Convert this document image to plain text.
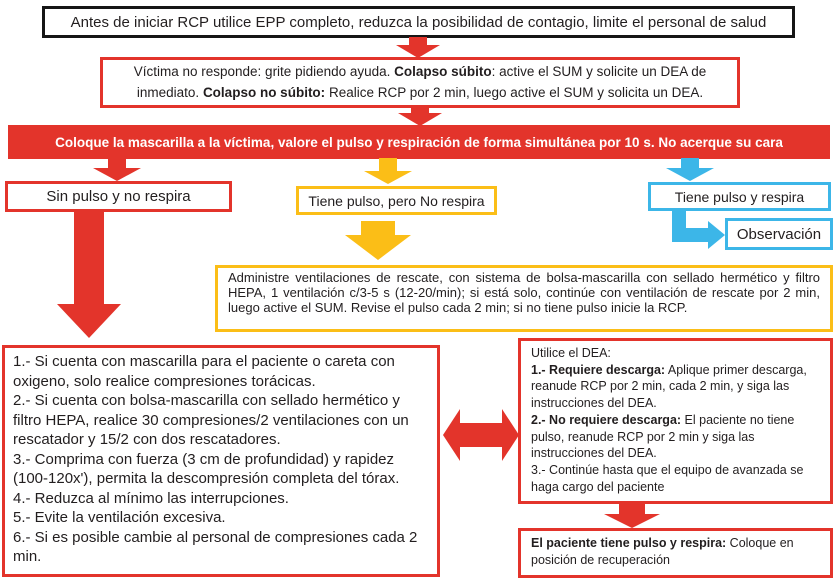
Antes de iniciar RCP utilice EPP completo, reduzca la posibilidad de contagio, limite el personal de salud

Víctima no responde: grite pidiendo ayuda. Colapso súbito: active el SUM y solicite un DEA de inmediato. Colapso no súbito: Realice RCP por 2 min, luego active el SUM y solicita un DEA.

Coloque la mascarilla a la víctima, valore el pulso y respiración de forma simultánea por 10 s. No acerque su cara

Sin pulso y no respira	Tiene pulso, pero No respira	Tiene pulso y respira

Observación

Administre ventilaciones de rescate, con sistema de bolsa-mascarilla con sellado hermético y filtro HEPA, 1 ventilación c/3-5 s (12-20/min); si está solo, continúe con ventilación de rescate por 2 min, luego active el SUM. Revise el pulso cada 2 min; si no tiene pulso inicie la RCP.

1.- Si cuenta con mascarilla para el paciente o careta con oxigeno, solo realice compresiones torácicas.

2.- Si cuenta con bolsa-mascarilla con sellado hermético y filtro HEPA, realice 30 compresiones/2 ventilaciones con un rescatador y 15/2 con dos rescatadores.

3.- Comprima con fuerza (3 cm de profundidad) y rapidez (100-120x'), permita la descompresión completa del tórax.

4.- Reduzca al mínimo las interrupciones.

5.- Evite la ventilación excesiva.

6.- Si es posible cambie al personal de compresiones cada 2 min.

Utilice el DEA:

1.- Requiere descarga: Aplique primer descarga, reanude RCP por 2 min, cada 2 min, y siga las instrucciones del DEA.

2.- No requiere descarga: El paciente no tiene pulso, reanude RCP por 2 min y siga las instrucciones del DEA.

3.- Continúe hasta que el equipo de avanzada se haga cargo del paciente

El paciente tiene pulso y respira: Coloque en posición de recuperación
